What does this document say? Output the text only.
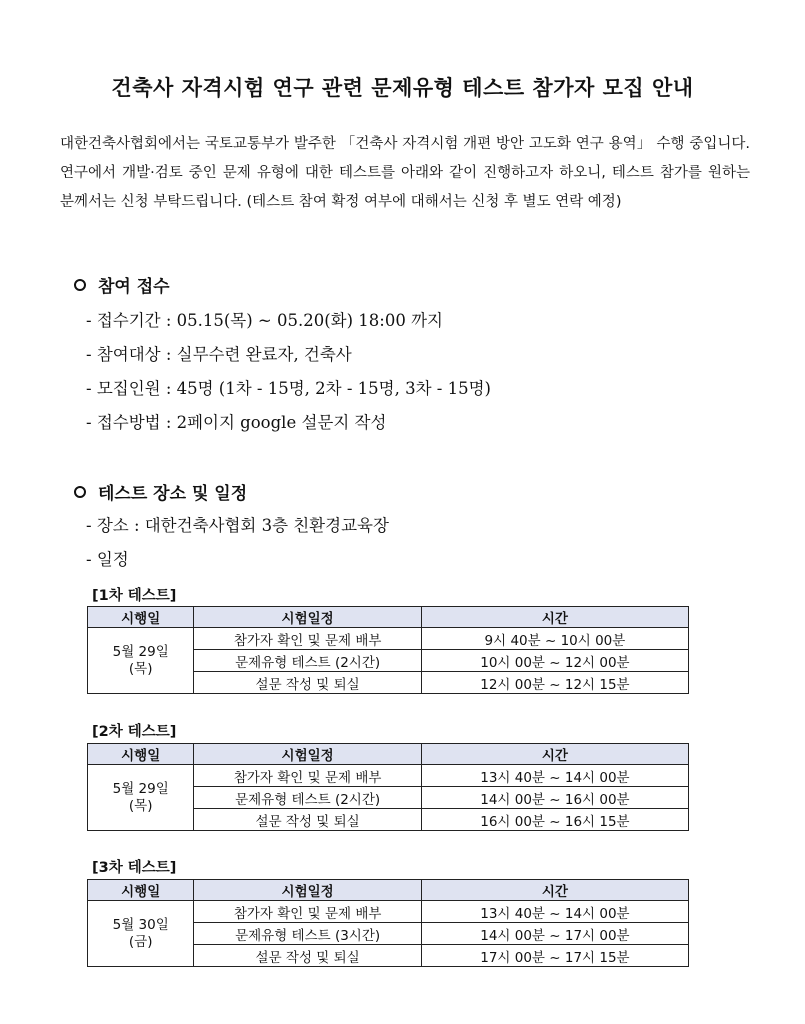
건축사 자격시험 연구 관련 문제유형 테스트 참가자 모집 안내
대한건축사협회에서는 국토교통부가 발주한 「건축사 자격시험 개편 방안 고도화 연구 용역」 수행 중입니다. 연구에서 개발·검토 중인 문제 유형에 대한 테스트를 아래와 같이 진행하고자 하오니, 테스트 참가를 원하는 분께서는 신청 부탁드립니다. (테스트 참여 확정 여부에 대해서는 신청 후 별도 연락 예정)
참여 접수
- 접수기간 : 05.15(목) ~ 05.20(화) 18:00 까지
- 참여대상 : 실무수련 완료자, 건축사
- 모집인원 : 45명 (1차 - 15명, 2차 - 15명, 3차 - 15명)
- 접수방법 : 2페이지 google 설문지 작성
테스트 장소 및 일정
- 장소 : 대한건축사협회 3층 친환경교육장
- 일정
[1차 테스트]
시행일	시험일정	시간
5월 29일
(목)	참가자 확인 및 문제 배부	9시 40분 ~ 10시 00분
	문제유형 테스트 (2시간)	10시 00분 ~ 12시 00분
	설문 작성 및 퇴실	12시 00분 ~ 12시 15분
[2차 테스트]
시행일	시험일정	시간
5월 29일
(목)	참가자 확인 및 문제 배부	13시 40분 ~ 14시 00분
	문제유형 테스트 (2시간)	14시 00분 ~ 16시 00분
	설문 작성 및 퇴실	16시 00분 ~ 16시 15분
[3차 테스트]
시행일	시험일정	시간
5월 30일
(금)	참가자 확인 및 문제 배부	13시 40분 ~ 14시 00분
	문제유형 테스트 (3시간)	14시 00분 ~ 17시 00분
	설문 작성 및 퇴실	17시 00분 ~ 17시 15분
